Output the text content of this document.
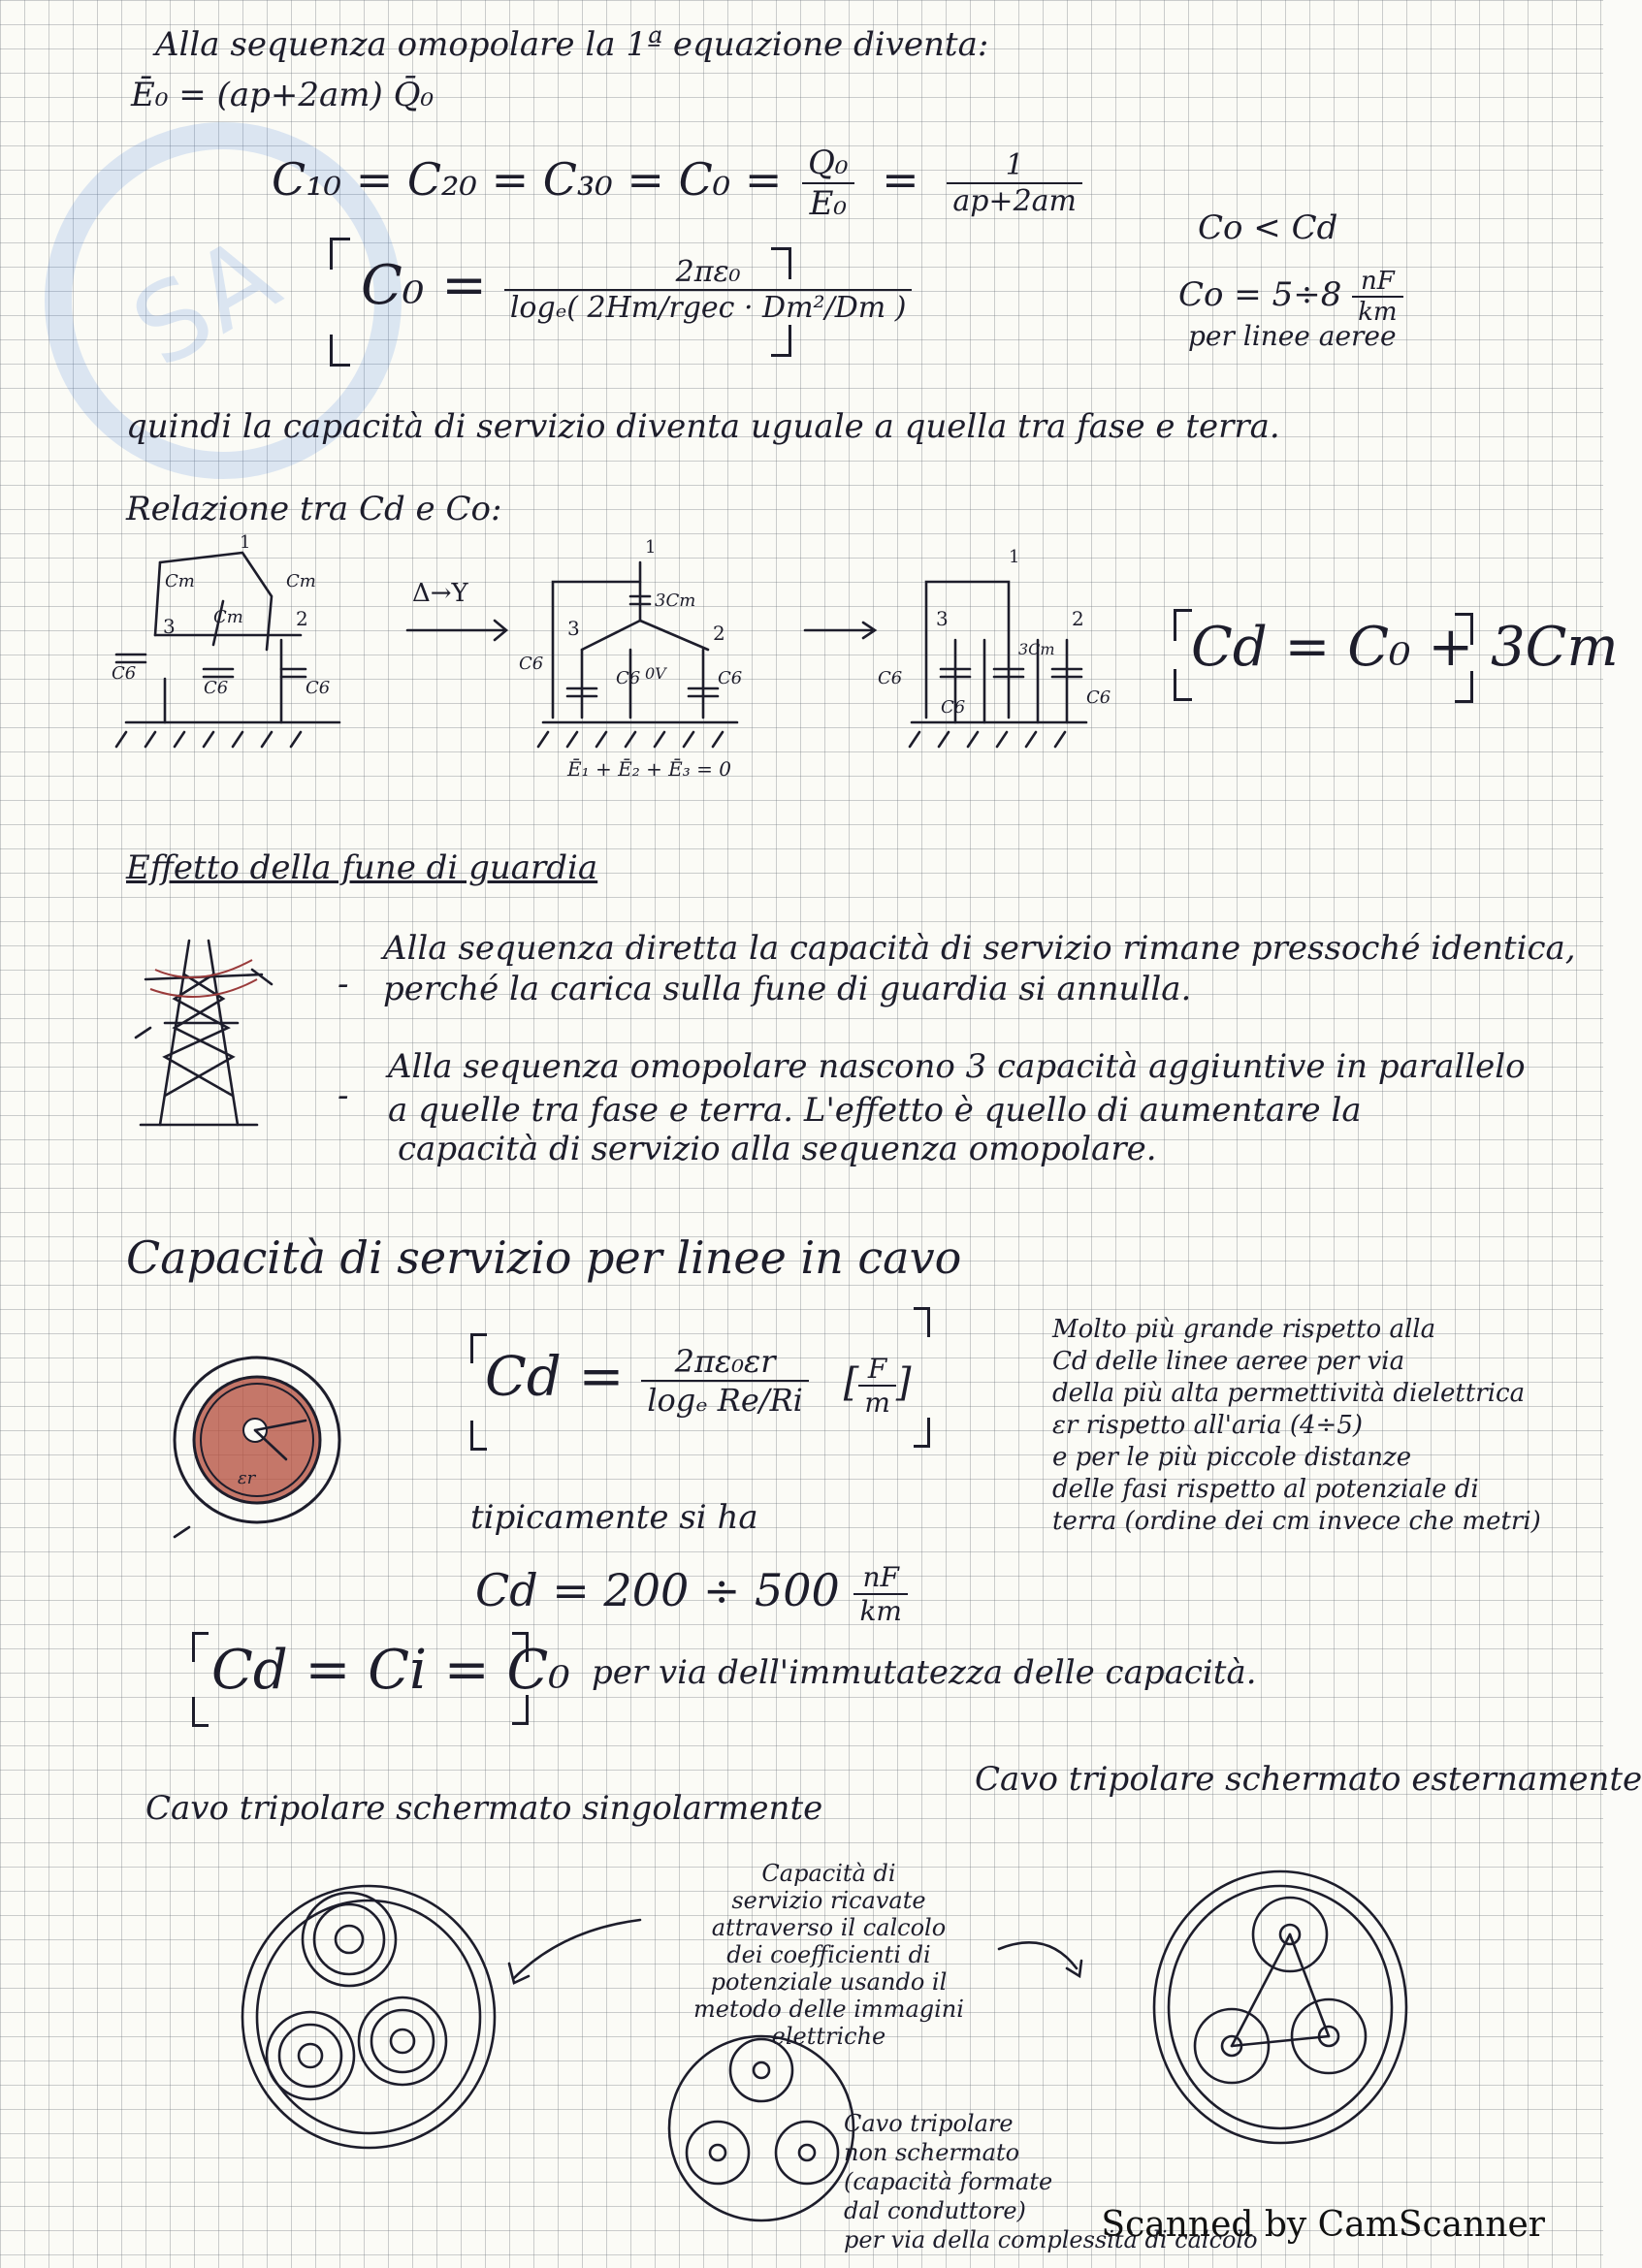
Alla sequenza omopolare la 1ª equazione diventa:
Ē₀ = (ap+2am) Q̄₀
$C_{10} = C_{20} = C_{30} = C_0 = \frac{\text{Q₀}}{\text{E₀}} = \frac{1}{ap+2am}$
Co < Cd
$Co = 5\div 8 \frac{nF}{km}$
per linee aeree
$C_0 = \frac{\text{2πε₀}}{\text{logₑ( 2Hm/rgec · Dm²/Dm )}}$
quindi la capacità di servizio diventa uguale a quella tra fase e terra.
Relazione tra Cd e Co:
Cm	Cm
Cm
1
3	2
C6
C6	C6
Δ→Y
1
3Cm
3	2
C6
C6 0V	C6
Ē₁ + Ē₂ + Ē₃ = 0
1
3	2
3Cm
C6
C6	C6
Cd = C₀ + 3Cm
Effetto della fune di guardia
-
Alla sequenza diretta la capacità di servizio rimane pressoché identica,
perché la carica sulla fune di guardia si annulla.
-
Alla sequenza omopolare nascono 3 capacità aggiuntive in parallelo
a quelle tra fase e terra. L'effetto è quello di aumentare la
capacità di servizio alla sequenza omopolare.
Capacità di servizio per linee in cavo
εr
$Cd = \frac{\text{2πε₀εr}}{\text{logₑ Re/Ri}}$ [ $\frac{F}{m}$ ]
Molto più grande rispetto alla
Cd delle linee aeree per via
della più alta permettività dielettrica
εr rispetto all'aria (4÷5)
e per le più piccole distanze
delle fasi rispetto al potenziale di
terra (ordine dei cm invece che metri)
tipicamente si ha
$Cd = 200 \div 500 \frac{nF}{km}$
Cd = Ci = C₀ per via dell'immutatezza delle capacità.
Cavo tripolare schermato esternamente
Cavo tripolare schermato singolarmente
Capacità di
servizio ricavate
attraverso il calcolo
dei coefficienti di
potenziale usando il
metodo delle immagini
elettriche
Cavo tripolare
non schermato
(capacità formate
dal conduttore)
per via della complessità di calcolo
Scanned by CamScanner
